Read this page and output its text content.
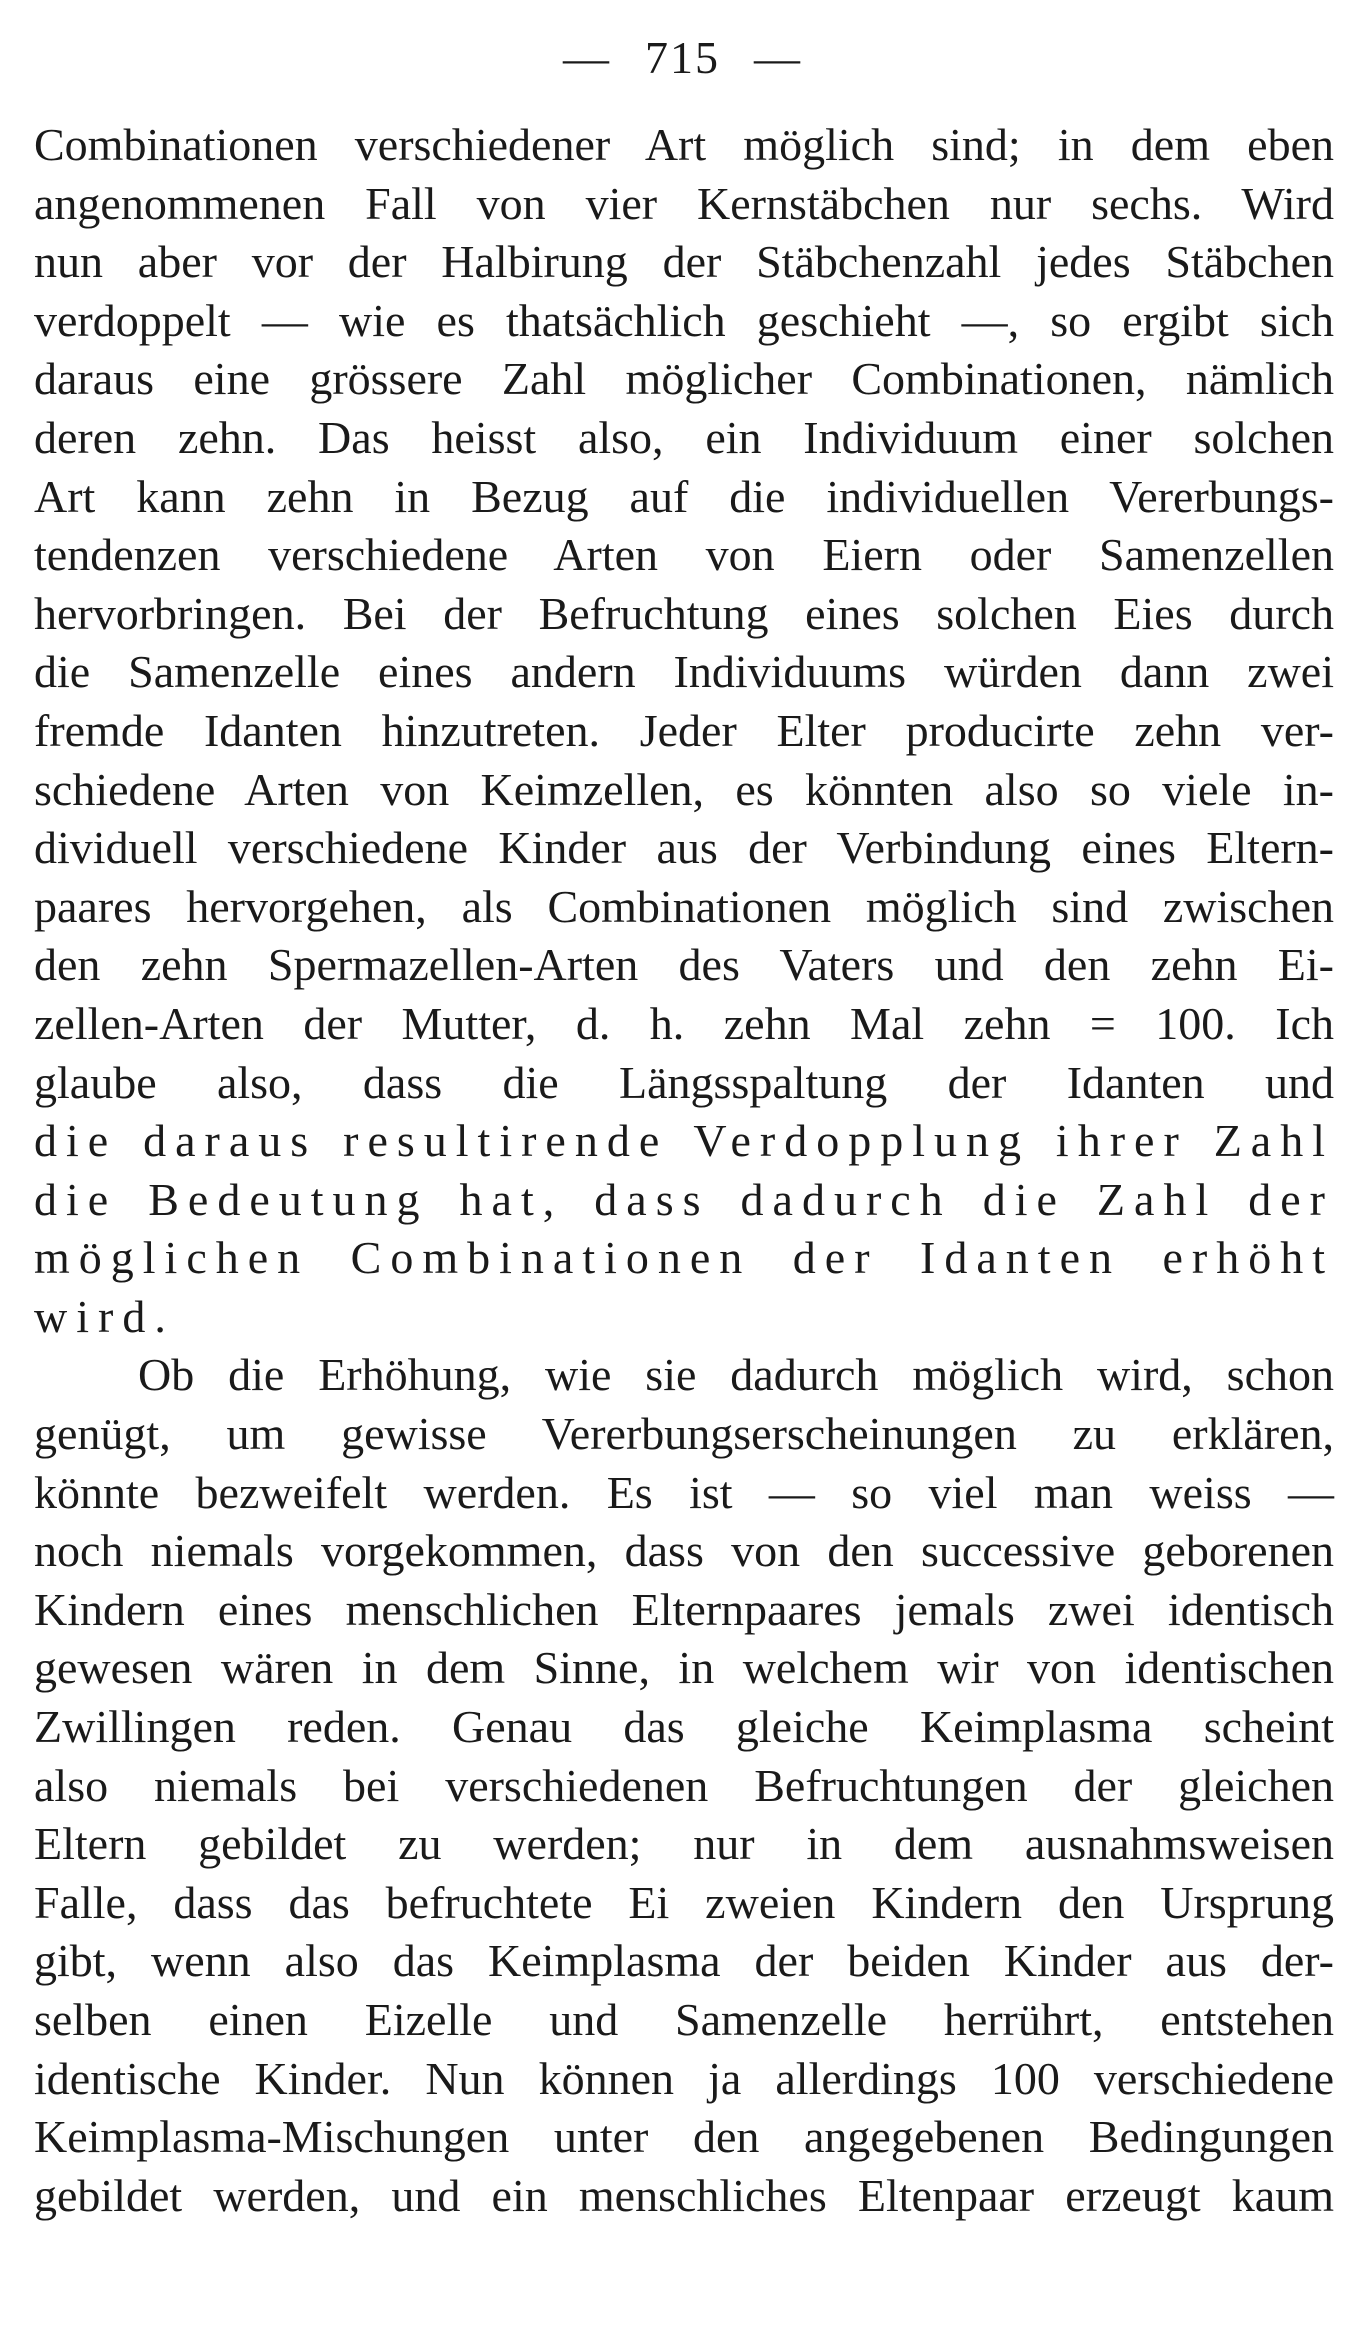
— 715 —
Combinationen verschiedener Art möglich sind; in dem eben
angenommenen Fall von vier Kernstäbchen nur sechs. Wird
nun aber vor der Halbirung der Stäbchenzahl jedes Stäbchen
verdoppelt — wie es thatsächlich geschieht —, so ergibt sich
daraus eine grössere Zahl möglicher Combinationen, nämlich
deren zehn. Das heisst also, ein Individuum einer solchen
Art kann zehn in Bezug auf die individuellen Vererbungs-
tendenzen verschiedene Arten von Eiern oder Samenzellen
hervorbringen. Bei der Befruchtung eines solchen Eies durch
die Samenzelle eines andern Individuums würden dann zwei
fremde Idanten hinzutreten. Jeder Elter producirte zehn ver-
schiedene Arten von Keimzellen, es könnten also so viele in-
dividuell verschiedene Kinder aus der Verbindung eines Eltern-
paares hervorgehen, als Combinationen möglich sind zwischen
den zehn Spermazellen-Arten des Vaters und den zehn Ei-
zellen-Arten der Mutter, d. h. zehn Mal zehn = 100. Ich
glaube also, dass die Längsspaltung der Idanten und
die daraus resultirende Verdopplung ihrer Zahl
die Bedeutung hat, dass dadurch die Zahl der
möglichen Combinationen der Idanten erhöht
wird.
Ob die Erhöhung, wie sie dadurch möglich wird, schon
genügt, um gewisse Vererbungserscheinungen zu erklären,
könnte bezweifelt werden. Es ist — so viel man weiss —
noch niemals vorgekommen, dass von den successive geborenen
Kindern eines menschlichen Elternpaares jemals zwei identisch
gewesen wären in dem Sinne, in welchem wir von identischen
Zwillingen reden. Genau das gleiche Keimplasma scheint
also niemals bei verschiedenen Befruchtungen der gleichen
Eltern gebildet zu werden; nur in dem ausnahmsweisen
Falle, dass das befruchtete Ei zweien Kindern den Ursprung
gibt, wenn also das Keimplasma der beiden Kinder aus der-
selben einen Eizelle und Samenzelle herrührt, entstehen
identische Kinder. Nun können ja allerdings 100 verschiedene
Keimplasma-Mischungen unter den angegebenen Bedingungen
gebildet werden, und ein menschliches Eltenpaar erzeugt kaum
